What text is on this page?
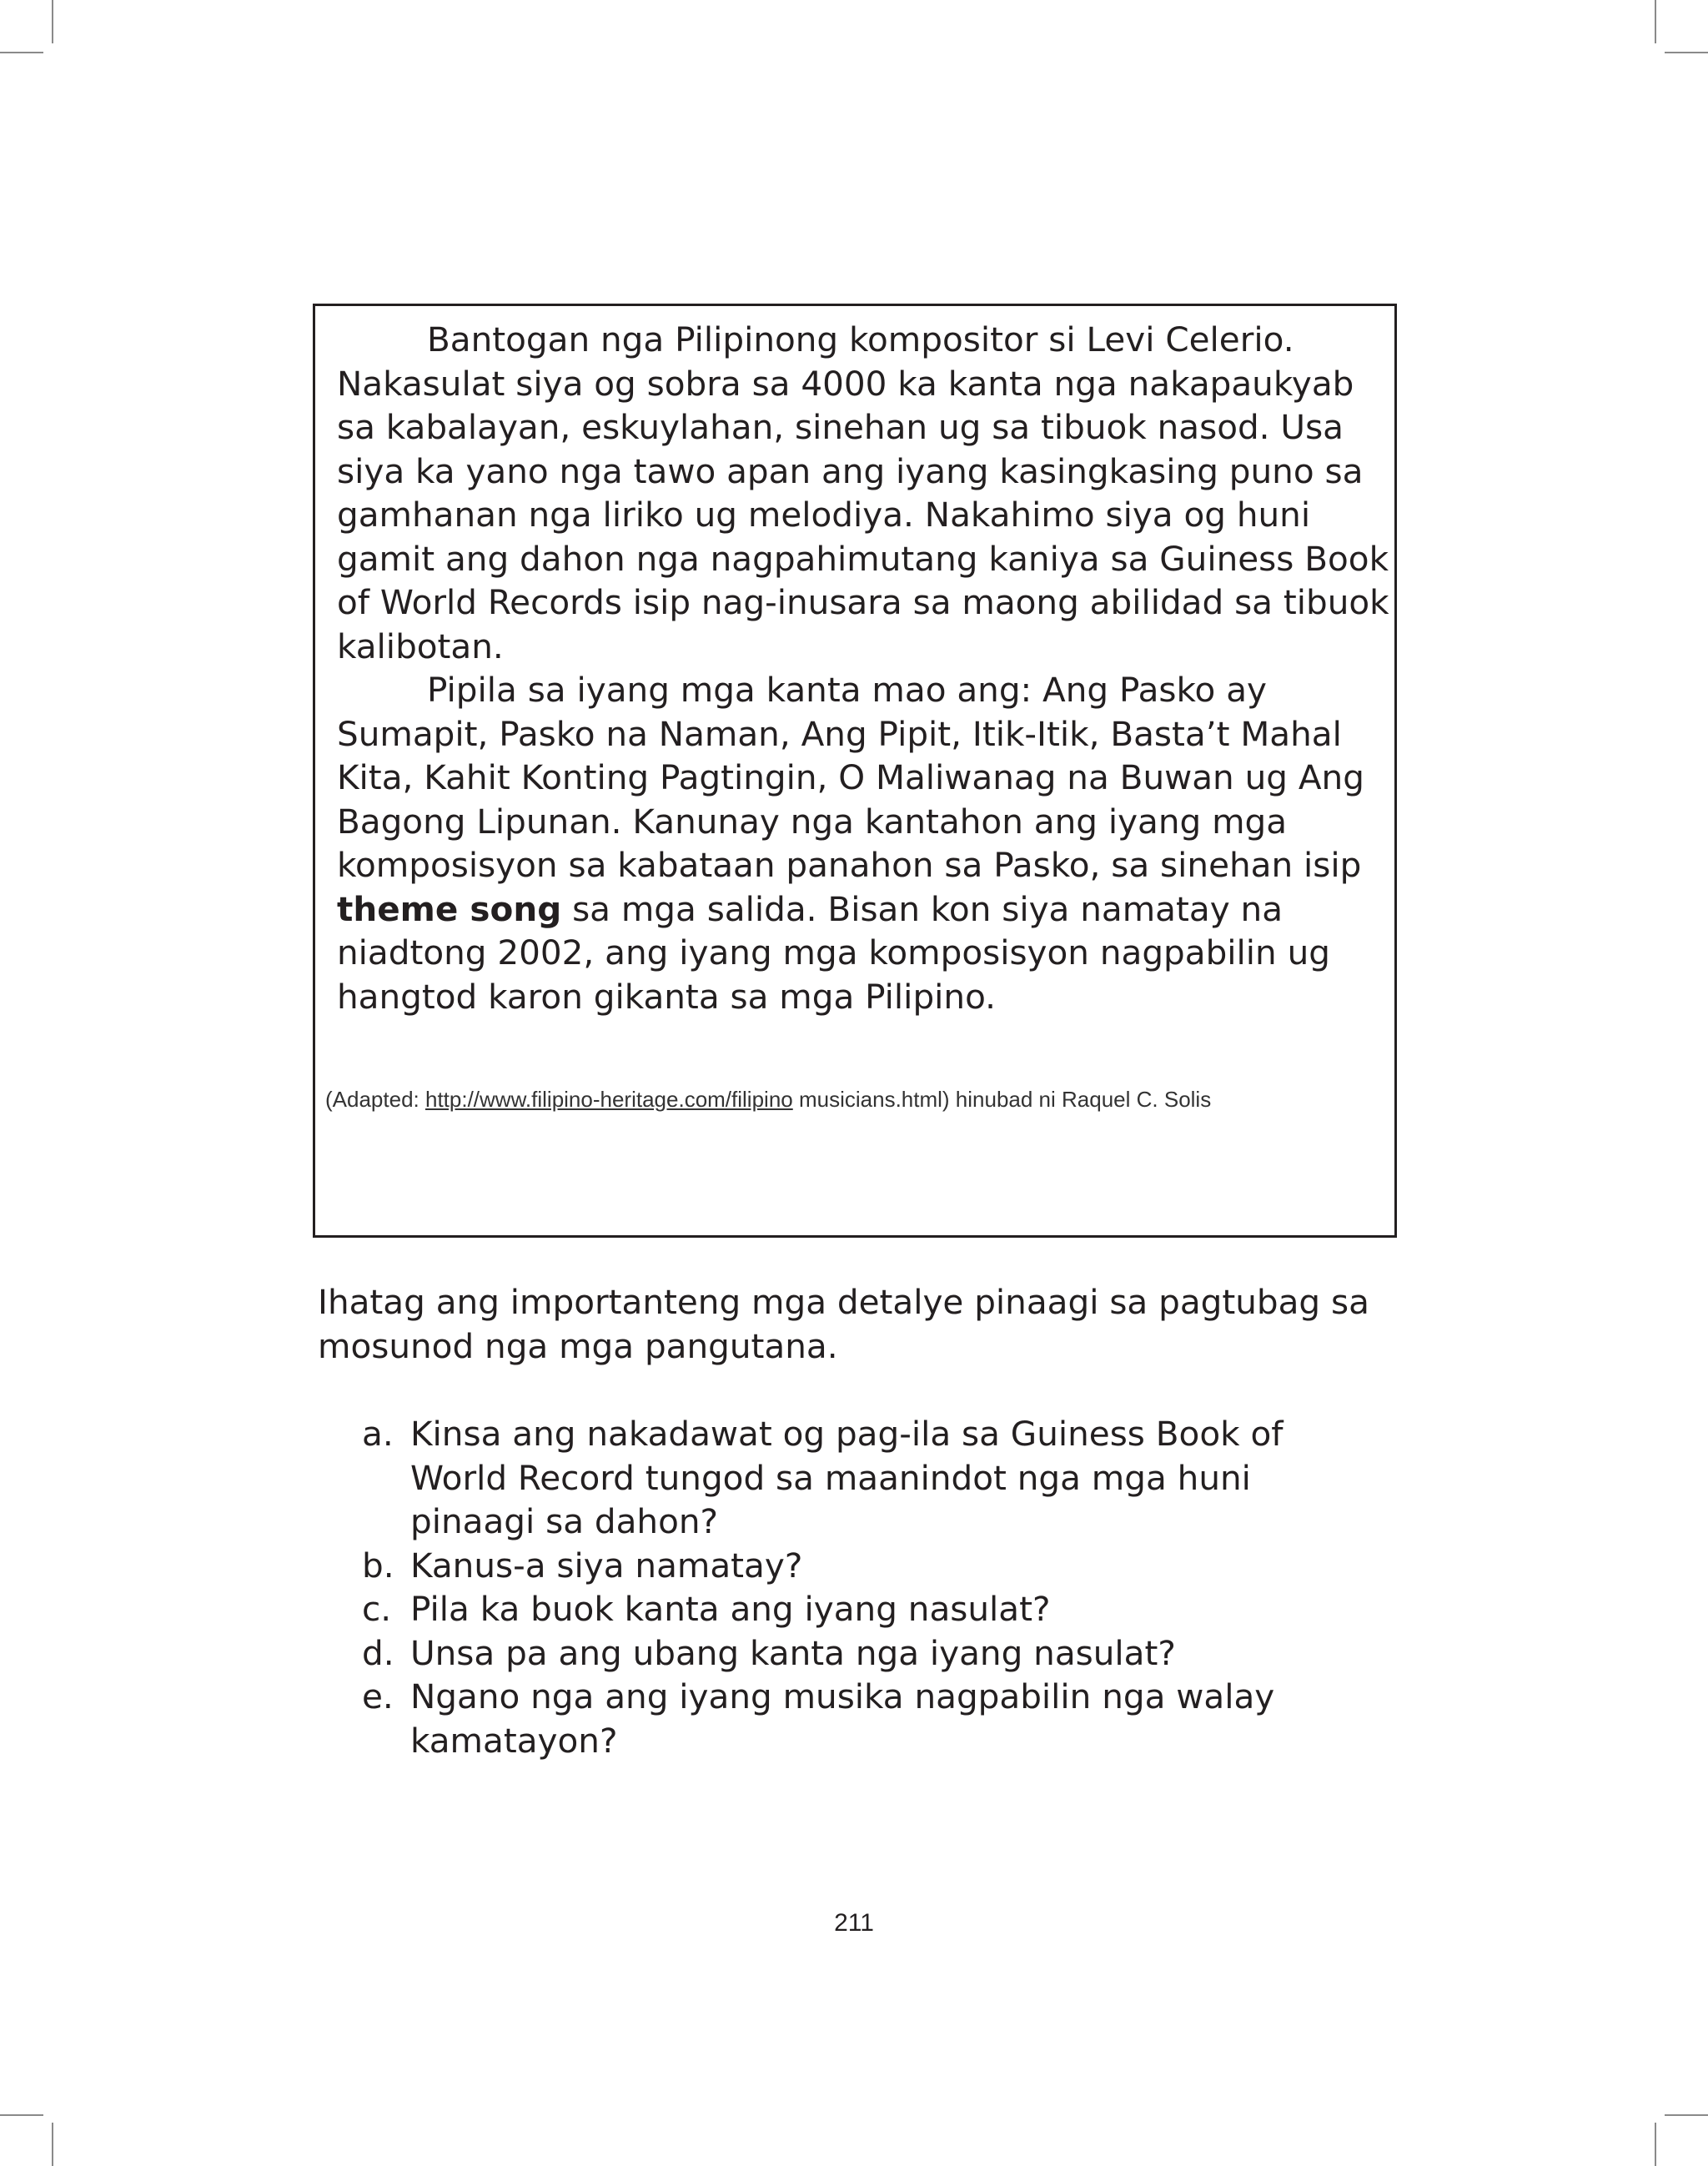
Bantogan nga Pilipinong kompositor si Levi Celerio. Nakasulat siya og sobra sa 4000 ka kanta nga nakapaukyab sa kabalayan, eskuylahan, sinehan ug sa tibuok nasod. Usa siya ka yano nga tawo apan ang iyang kasingkasing puno sa gamhanan nga liriko ug melodiya. Nakahimo siya og huni gamit ang dahon nga nagpahimutang kaniya sa Guiness Book of World Records isip nag-inusara sa maong abilidad sa tibuok kalibotan.

Pipila sa iyang mga kanta mao ang: Ang Pasko ay Sumapit, Pasko na Naman, Ang Pipit, Itik-Itik, Basta’t Mahal Kita, Kahit Konting Pagtingin, O Maliwanag na Buwan ug Ang Bagong Lipunan. Kanunay nga kantahon ang iyang mga komposisyon sa kabataan panahon sa Pasko, sa sinehan isip theme song sa mga salida. Bisan kon siya namatay na niadtong 2002, ang iyang mga komposisyon nagpabilin ug hangtod karon gikanta sa mga Pilipino.

(Adapted: http://www.filipino-heritage.com/filipino musicians.html) hinubad ni Raquel C. Solis

Ihatag ang importanteng mga detalye pinaagi sa pagtubag sa mosunod nga mga pangutana.

a. Kinsa ang nakadawat og pag-ila sa Guiness Book of World Record tungod sa maanindot nga mga huni pinaagi sa dahon?
b. Kanus-a siya namatay?
c. Pila ka buok kanta ang iyang nasulat?
d. Unsa pa ang ubang kanta nga iyang nasulat?
e. Ngano nga ang iyang musika nagpabilin nga walay kamatayon?
211
